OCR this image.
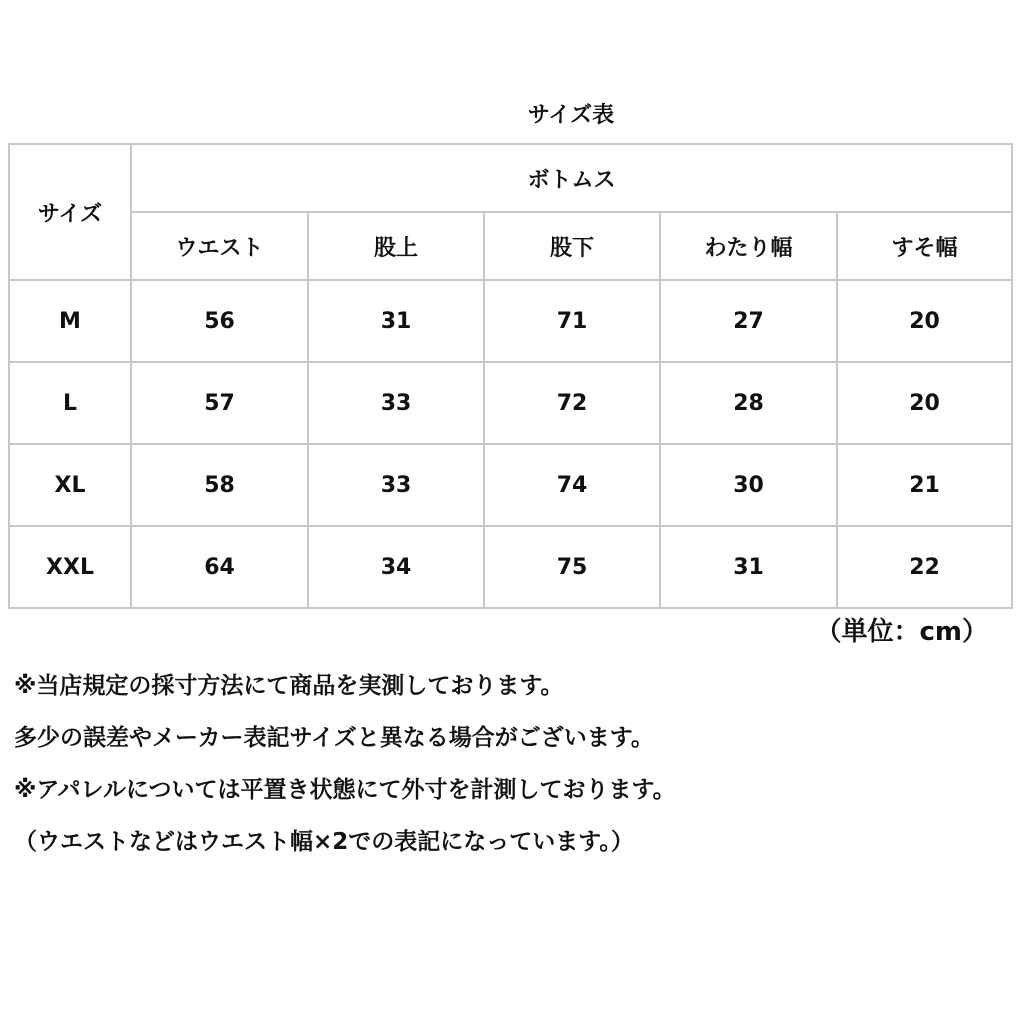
サイズ表
サイズ	ボトムス				
	ウエスト	股上	股下	わたり幅	すそ幅
M	56	31	71	27	20
L	57	33	72	28	20
XL	58	33	74	30	21
XXL	64	34	75	31	22
（単位：cm）
※当店規定の採寸方法にて商品を実測しております。
多少の誤差やメーカー表記サイズと異なる場合がございます。
※アパレルについては平置き状態にて外寸を計測しております。
（ウエストなどはウエスト幅×2での表記になっています。）
